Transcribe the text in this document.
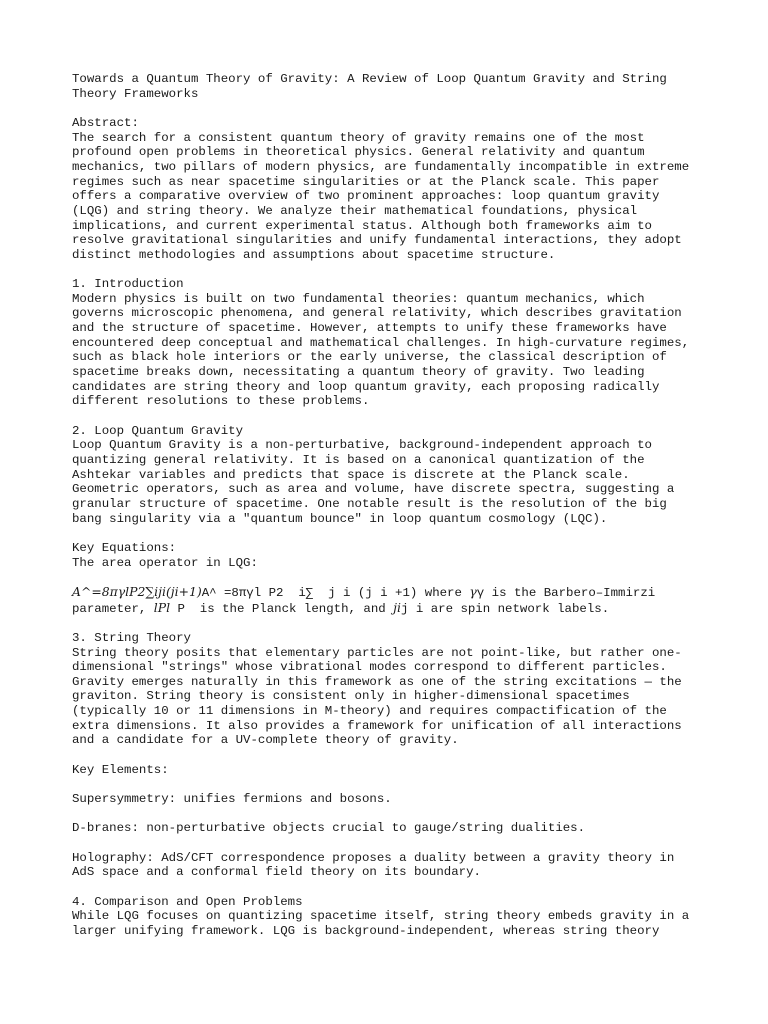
Towards a Quantum Theory of Gravity: A Review of Loop Quantum Gravity and String
Theory Frameworks
Abstract:
The search for a consistent quantum theory of gravity remains one of the most
profound open problems in theoretical physics. General relativity and quantum
mechanics, two pillars of modern physics, are fundamentally incompatible in extreme
regimes such as near spacetime singularities or at the Planck scale. This paper
offers a comparative overview of two prominent approaches: loop quantum gravity
(LQG) and string theory. We analyze their mathematical foundations, physical
implications, and current experimental status. Although both frameworks aim to
resolve gravitational singularities and unify fundamental interactions, they adopt
distinct methodologies and assumptions about spacetime structure.
1. Introduction
Modern physics is built on two fundamental theories: quantum mechanics, which
governs microscopic phenomena, and general relativity, which describes gravitation
and the structure of spacetime. However, attempts to unify these frameworks have
encountered deep conceptual and mathematical challenges. In high-curvature regimes,
such as black hole interiors or the early universe, the classical description of
spacetime breaks down, necessitating a quantum theory of gravity. Two leading
candidates are string theory and loop quantum gravity, each proposing radically
different resolutions to these problems.
2. Loop Quantum Gravity
Loop Quantum Gravity is a non-perturbative, background-independent approach to
quantizing general relativity. It is based on a canonical quantization of the
Ashtekar variables and predicts that space is discrete at the Planck scale.
Geometric operators, such as area and volume, have discrete spectra, suggesting a
granular structure of spacetime. One notable result is the resolution of the big
bang singularity via a "quantum bounce" in loop quantum cosmology (LQC).
Key Equations:
The area operator in LQG:
A^=8πγlP2∑iji(ji+1)A^ =8πγl P2  i∑  j i (j i +1) where γγ is the Barbero–Immirzi
parameter, lPl P  is the Planck length, and jij i are spin network labels.
3. String Theory
String theory posits that elementary particles are not point-like, but rather one-
dimensional "strings" whose vibrational modes correspond to different particles.
Gravity emerges naturally in this framework as one of the string excitations — the
graviton. String theory is consistent only in higher-dimensional spacetimes
(typically 10 or 11 dimensions in M-theory) and requires compactification of the
extra dimensions. It also provides a framework for unification of all interactions
and a candidate for a UV-complete theory of gravity.
Key Elements:
Supersymmetry: unifies fermions and bosons.
D-branes: non-perturbative objects crucial to gauge/string dualities.
Holography: AdS/CFT correspondence proposes a duality between a gravity theory in
AdS space and a conformal field theory on its boundary.
4. Comparison and Open Problems
While LQG focuses on quantizing spacetime itself, string theory embeds gravity in a
larger unifying framework. LQG is background-independent, whereas string theory
